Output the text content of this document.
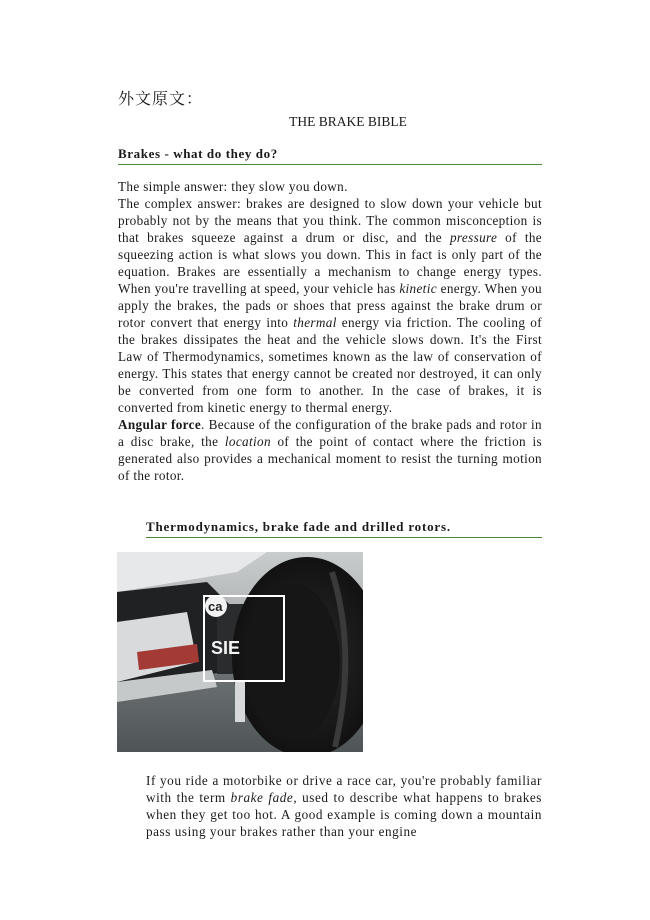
外文原文：
THE BRAKE BIBLE
Brakes - what do they do?

The simple answer: they slow you down.

The complex answer: brakes are designed to slow down your vehicle but probably not by the means that you think. The common misconception is that brakes squeeze against a drum or disc, and the pressure of the squeezing action is what slows you down. This in fact is only part of the equation. Brakes are essentially a mechanism to change energy types. When you're travelling at speed, your vehicle has kinetic energy. When you apply the brakes, the pads or shoes that press against the brake drum or rotor convert that energy into thermal energy via friction. The cooling of the brakes dissipates the heat and the vehicle slows down. It's the First Law of Thermodynamics, sometimes known as the law of conservation of energy. This states that energy cannot be created nor destroyed, it can only be converted from one form to another. In the case of brakes, it is converted from kinetic energy to thermal energy.

Angular force. Because of the configuration of the brake pads and rotor in a disc brake, the location of the point of contact where the friction is generated also provides a mechanical moment to resist the turning motion of the rotor.

Thermodynamics, brake fade and drilled rotors.
ca
SIE

If you ride a motorbike or drive a race car, you're probably familiar with the term brake fade, used to describe what happens to brakes when they get too hot. A good example is coming down a mountain pass using your brakes rather than your engine
